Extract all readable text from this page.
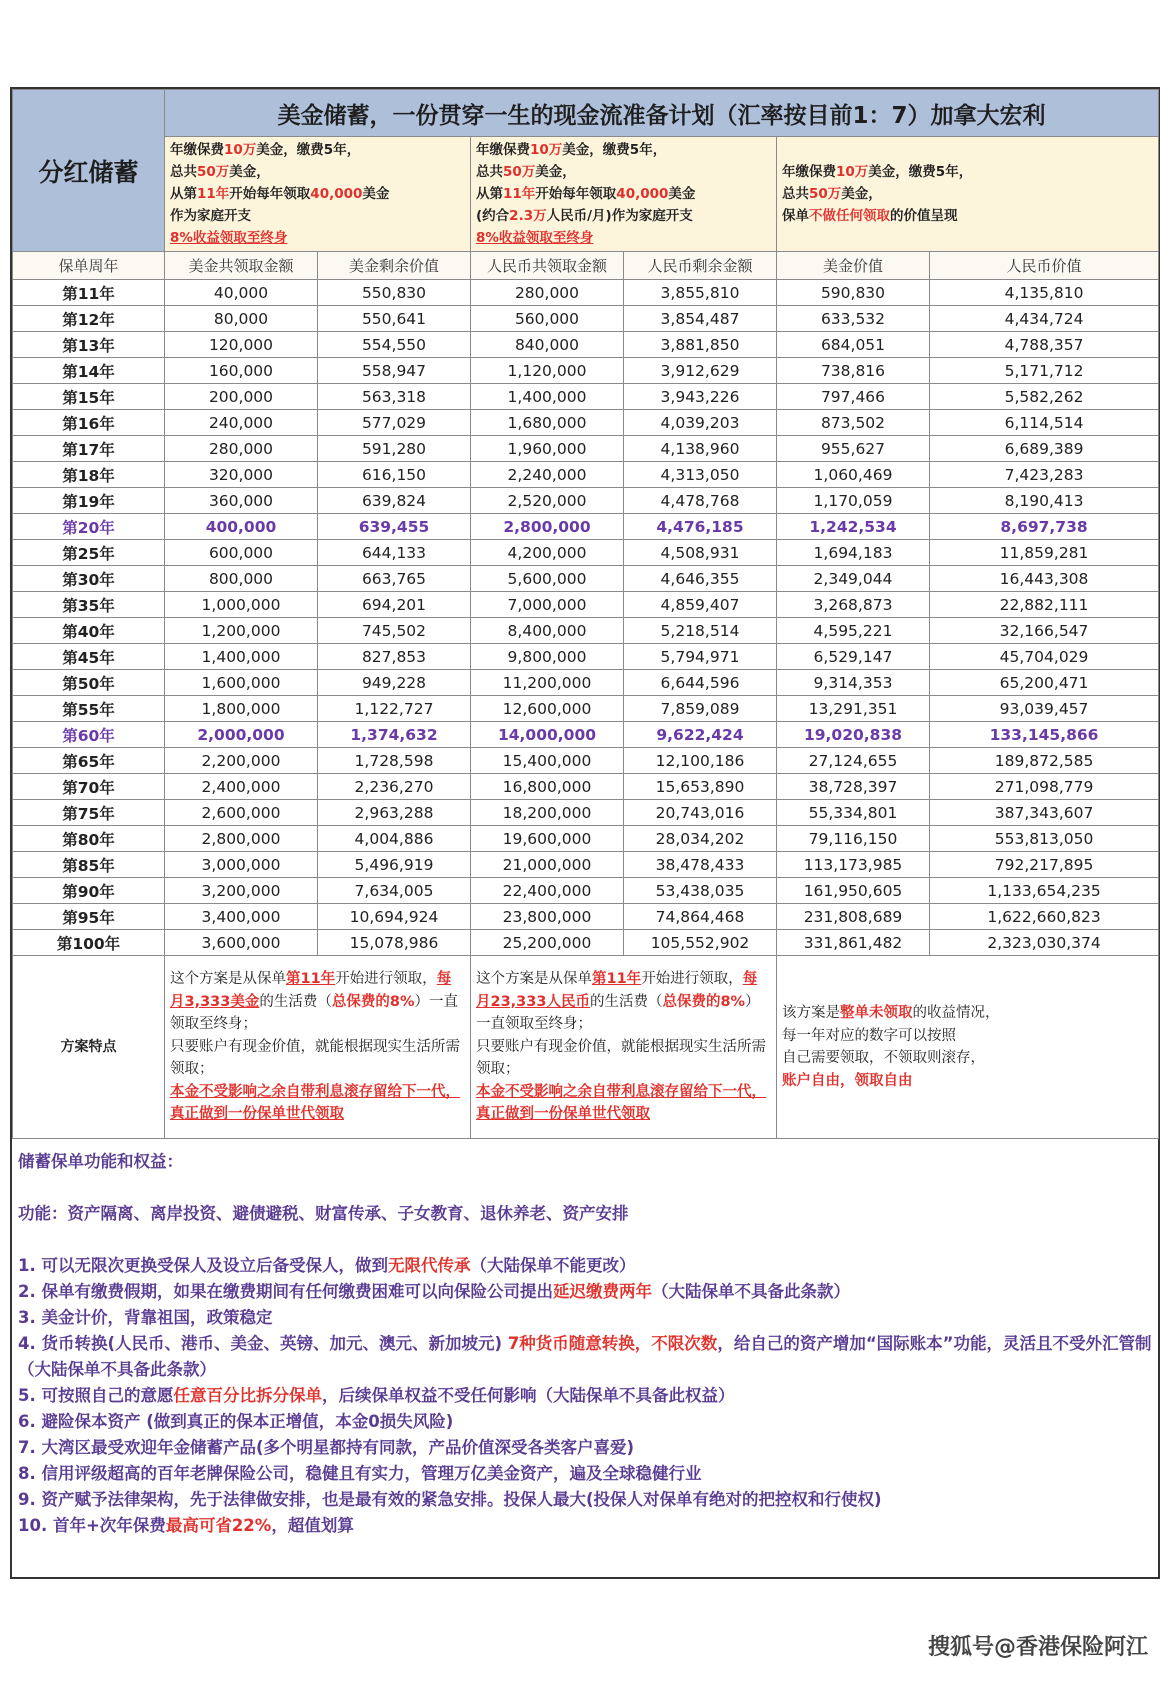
分红储蓄	美金储蓄，一份贯穿一生的现金流准备计划（汇率按目前1：7）加拿大宏利					

	年缴保费10万美金，缴费5年，
总共50万美金，
从第11年开始每年领取40,000美金
作为家庭开支
8%收益领取至终身		年缴保费10万美金，缴费5年，
总共50万美金，
从第11年开始每年领取40,000美金
(约合2.3万人民币/月)作为家庭开支
8%收益领取至终身		年缴保费10万美金，缴费5年，
总共50万美金，
保单不做任何领取的价值呈现	

保单周年	美金共领取金额	美金剩余价值	人民币共领取金额	人民币剩余金额	美金价值	人民币价值
第11年	40,000	550,830	280,000	3,855,810	590,830	4,135,810
第12年	80,000	550,641	560,000	3,854,487	633,532	4,434,724
第13年	120,000	554,550	840,000	3,881,850	684,051	4,788,357
第14年	160,000	558,947	1,120,000	3,912,629	738,816	5,171,712
第15年	200,000	563,318	1,400,000	3,943,226	797,466	5,582,262
第16年	240,000	577,029	1,680,000	4,039,203	873,502	6,114,514
第17年	280,000	591,280	1,960,000	4,138,960	955,627	6,689,389
第18年	320,000	616,150	2,240,000	4,313,050	1,060,469	7,423,283
第19年	360,000	639,824	2,520,000	4,478,768	1,170,059	8,190,413
第20年	400,000	639,455	2,800,000	4,476,185	1,242,534	8,697,738
第25年	600,000	644,133	4,200,000	4,508,931	1,694,183	11,859,281
第30年	800,000	663,765	5,600,000	4,646,355	2,349,044	16,443,308
第35年	1,000,000	694,201	7,000,000	4,859,407	3,268,873	22,882,111
第40年	1,200,000	745,502	8,400,000	5,218,514	4,595,221	32,166,547
第45年	1,400,000	827,853	9,800,000	5,794,971	6,529,147	45,704,029
第50年	1,600,000	949,228	11,200,000	6,644,596	9,314,353	65,200,471
第55年	1,800,000	1,122,727	12,600,000	7,859,089	13,291,351	93,039,457
第60年	2,000,000	1,374,632	14,000,000	9,622,424	19,020,838	133,145,866
第65年	2,200,000	1,728,598	15,400,000	12,100,186	27,124,655	189,872,585
第70年	2,400,000	2,236,270	16,800,000	15,653,890	38,728,397	271,098,779
第75年	2,600,000	2,963,288	18,200,000	20,743,016	55,334,801	387,343,607
第80年	2,800,000	4,004,886	19,600,000	28,034,202	79,116,150	553,813,050
第85年	3,000,000	5,496,919	21,000,000	38,478,433	113,173,985	792,217,895
第90年	3,200,000	7,634,005	22,400,000	53,438,035	161,950,605	1,133,654,235
第95年	3,400,000	10,694,924	23,800,000	74,864,468	231,808,689	1,622,660,823
第100年	3,600,000	15,078,986	25,200,000	105,552,902	331,861,482	2,323,030,374
方案特点	这个方案是从保单第11年开始进行领取，每月3,333美金的生活费（总保费的8%）一直领取至终身；
只要账户有现金价值，就能根据现实生活所需领取；
本金不受影响之余自带利息滚存留给下一代，真正做到一份保单世代领取		这个方案是从保单第11年开始进行领取，每月23,333人民币的生活费（总保费的8%）一直领取至终身；
只要账户有现金价值，就能根据现实生活所需领取；
本金不受影响之余自带利息滚存留给下一代，真正做到一份保单世代领取		该方案是整单未领取的收益情况，
每一年对应的数字可以按照
自己需要领取，不领取则滚存，
账户自由，领取自由	
储蓄保单功能和权益：
功能：资产隔离、离岸投资、避债避税、财富传承、子女教育、退休养老、资产安排
1. 可以无限次更换受保人及设立后备受保人，做到无限代传承（大陆保单不能更改）
2. 保单有缴费假期，如果在缴费期间有任何缴费困难可以向保险公司提出延迟缴费两年（大陆保单不具备此条款）
3. 美金计价，背靠祖国，政策稳定
4. 货币转换(人民币、港币、美金、英镑、加元、澳元、新加坡元) 7种货币随意转换，不限次数，给自己的资产增加“国际账本”功能，灵活且不受外汇管制（大陆保单不具备此条款）
5. 可按照自己的意愿任意百分比拆分保单，后续保单权益不受任何影响（大陆保单不具备此权益）
6. 避险保本资产 (做到真正的保本正增值，本金0损失风险)
7. 大湾区最受欢迎年金储蓄产品(多个明星都持有同款，产品价值深受各类客户喜爱)
8. 信用评级超高的百年老牌保险公司，稳健且有实力，管理万亿美金资产，遍及全球稳健行业
9. 资产赋予法律架构，先于法律做安排，也是最有效的紧急安排。投保人最大(投保人对保单有绝对的把控权和行使权)
10. 首年+次年保费最高可省22%，超值划算
搜狐号@香港保险阿江
